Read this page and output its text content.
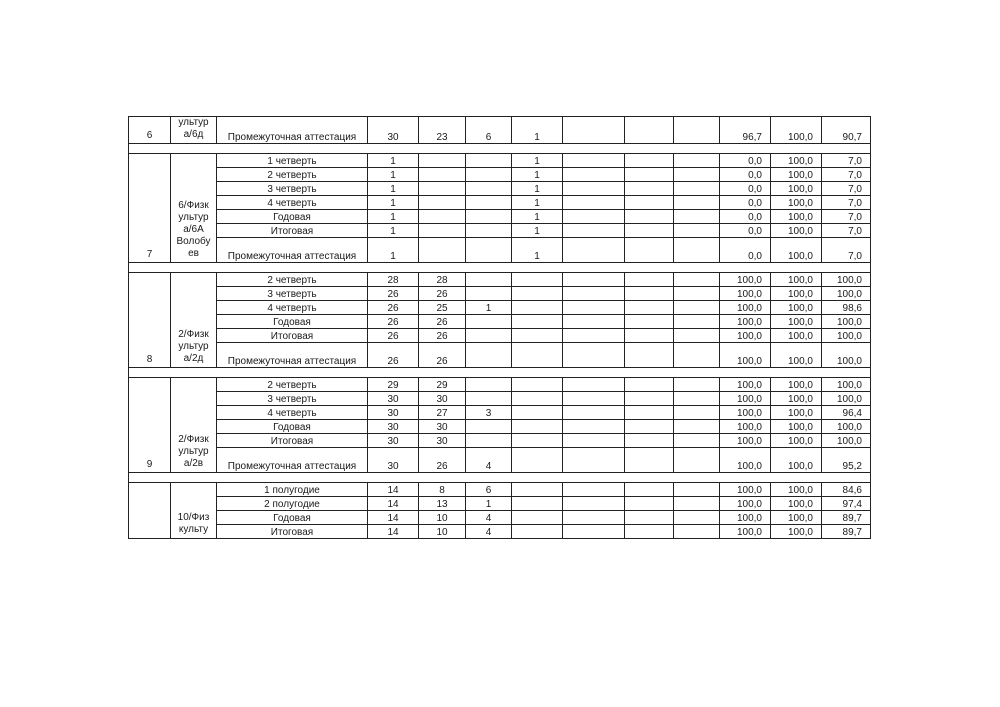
6	ультур а/6д	Промежуточная аттестация	30	23	6	1				96,7	100,0	90,7

7	6/Физк ультур а/6А Волобу ев	1 четверть	1			1				0,0	100,0	7,0
		2 четверть	1			1				0,0	100,0	7,0
		3 четверть	1			1				0,0	100,0	7,0
		4 четверть	1			1				0,0	100,0	7,0
		Годовая	1			1				0,0	100,0	7,0
		Итоговая	1			1				0,0	100,0	7,0
		Промежуточная аттестация	1			1				0,0	100,0	7,0

8	2/Физк ультур а/2д	2 четверть	28	28						100,0	100,0	100,0
		3 четверть	26	26						100,0	100,0	100,0
		4 четверть	26	25	1					100,0	100,0	98,6
		Годовая	26	26						100,0	100,0	100,0
		Итоговая	26	26						100,0	100,0	100,0
		Промежуточная аттестация	26	26						100,0	100,0	100,0

9	2/Физк ультур а/2в	2 четверть	29	29						100,0	100,0	100,0
		3 четверть	30	30						100,0	100,0	100,0
		4 четверть	30	27	3					100,0	100,0	96,4
		Годовая	30	30						100,0	100,0	100,0
		Итоговая	30	30						100,0	100,0	100,0
		Промежуточная аттестация	30	26	4					100,0	100,0	95,2

	10/Физ культу	1 полугодие	14	8	6					100,0	100,0	84,6
		2 полугодие	14	13	1					100,0	100,0	97,4
		Годовая	14	10	4					100,0	100,0	89,7
		Итоговая	14	10	4					100,0	100,0	89,7
